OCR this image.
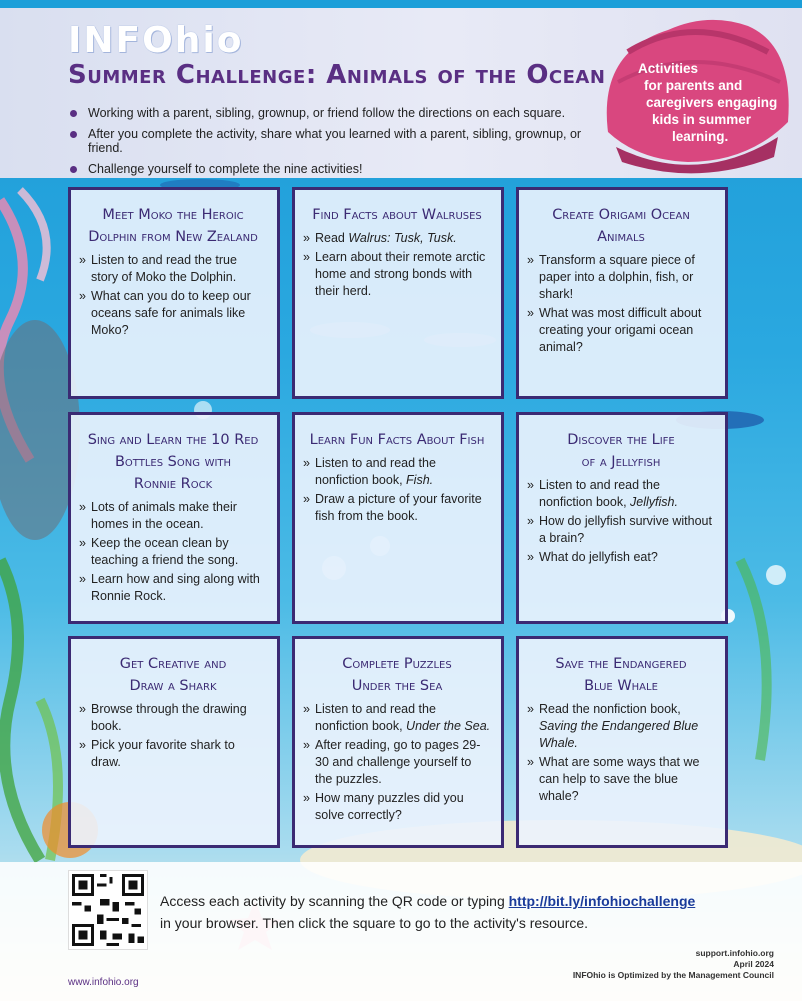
INFOhio
Summer Challenge: Animals of the Ocean
Working with a parent, sibling, grownup, or friend follow the directions on each square.
After you complete the activity, share what you learned with a parent, sibling, grownup, or friend.
Challenge yourself to complete the nine activities!
Activities
for parents and
caregivers engaging
kids in summer
learning.
Meet Moko the Heroic
Dolphin from New Zealand
» Listen to and read the true story of Moko the Dolphin.
» What can you do to keep our oceans safe for animals like Moko?
Find Facts about Walruses
» Read Walrus: Tusk, Tusk.
» Learn about their remote arctic home and strong bonds with their herd.
Create Origami Ocean Animals
» Transform a square piece of paper into a dolphin, fish, or shark!
» What was most difficult about creating your origami ocean animal?
Sing and Learn the 10 Red
Bottles Song with
Ronnie Rock
» Lots of animals make their homes in the ocean.
» Keep the ocean clean by teaching a friend the song.
» Learn how and sing along with Ronnie Rock.
Learn Fun Facts About Fish
» Listen to and read the nonfiction book, Fish.
» Draw a picture of your favorite fish from the book.
Discover the Life
of a Jellyfish
» Listen to and read the nonfiction book, Jellyfish.
» How do jellyfish survive without a brain?
» What do jellyfish eat?
Get Creative and
Draw a Shark
» Browse through the drawing book.
» Pick your favorite shark to draw.
Complete Puzzles
Under the Sea
» Listen to and read the nonfiction book, Under the Sea.
» After reading, go to pages 29-30 and challenge yourself to the puzzles.
» How many puzzles did you solve correctly?
Save the Endangered
Blue Whale
» Read the nonfiction book, Saving the Endangered Blue Whale.
» What are some ways that we can help to save the blue whale?
Access each activity by scanning the QR code or typing http://bit.ly/infohiochallenge
in your browser. Then click the square to go to the activity's resource.
www.infohio.org
support.infohio.org
April 2024
INFOhio is Optimized by the Management Council
